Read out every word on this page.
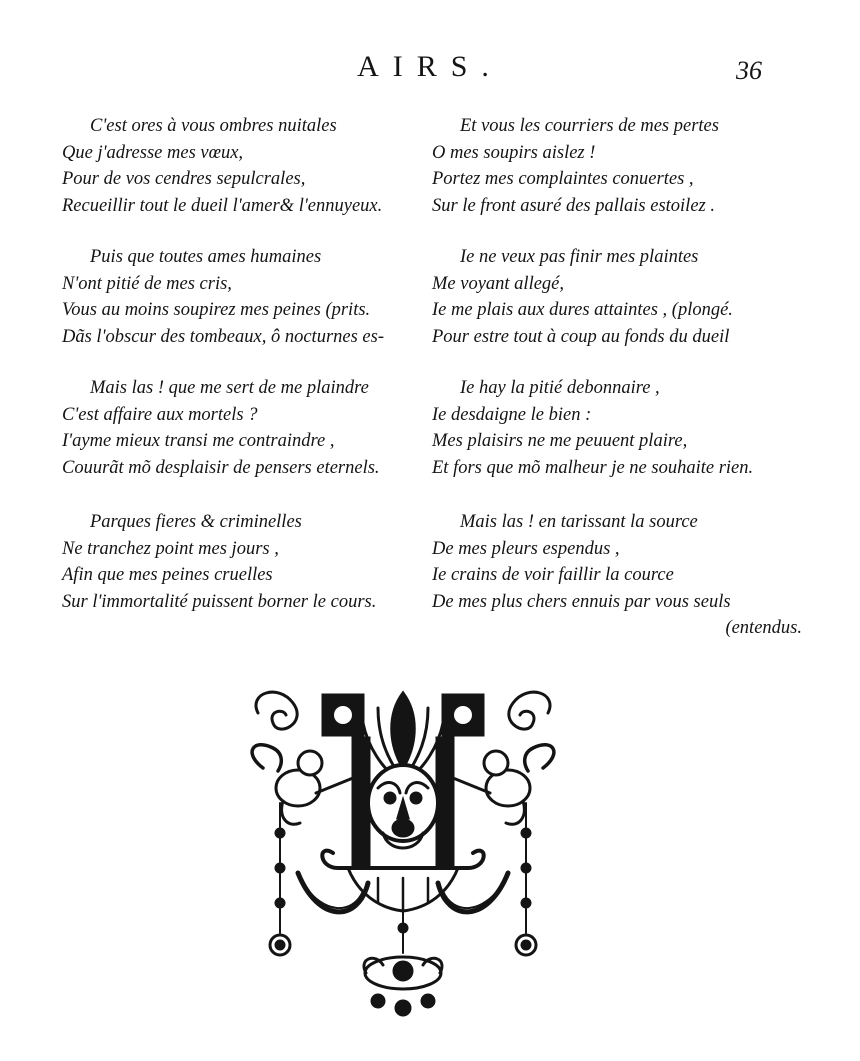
AIRS.	36
C'est ores à vous ombres nuitales
Que j'adresse mes vœux,
Pour de vos cendres sepulcrales,
Recueillir tout le dueil l'amer& l'ennuyeux.
Puis que toutes ames humaines
N'ont pitié de mes cris,
Vous au moins soupirez mes peines (prits.
Dãs l'obscur des tombeaux, ô nocturnes es-
Mais las ! que me sert de me plaindre
C'est affaire aux mortels ?
I'ayme mieux transi me contraindre ,
Couurãt mõ desplaisir de pensers eternels.
Parques fieres & criminelles
Ne tranchez point mes jours ,
Afin que mes peines cruelles
Sur l'immortalité puissent borner le cours.
Et vous les courriers de mes pertes
O mes soupirs aislez !
Portez mes complaintes conuertes ,
Sur le front asuré des pallais estoilez .
Ie ne veux pas finir mes plaintes
Me voyant allegé,
Ie me plais aux dures attaintes , (plongé.
Pour estre tout à coup au fonds du dueil
Ie hay la pitié debonnaire ,
Ie desdaigne le bien :
Mes plaisirs ne me peuuent plaire,
Et fors que mõ malheur je ne souhaite rien.
Mais las ! en tarissant la source
De mes pleurs espendus ,
Ie crains de voir faillir la cource
De mes plus chers ennuis par vous seuls
(entendus.
